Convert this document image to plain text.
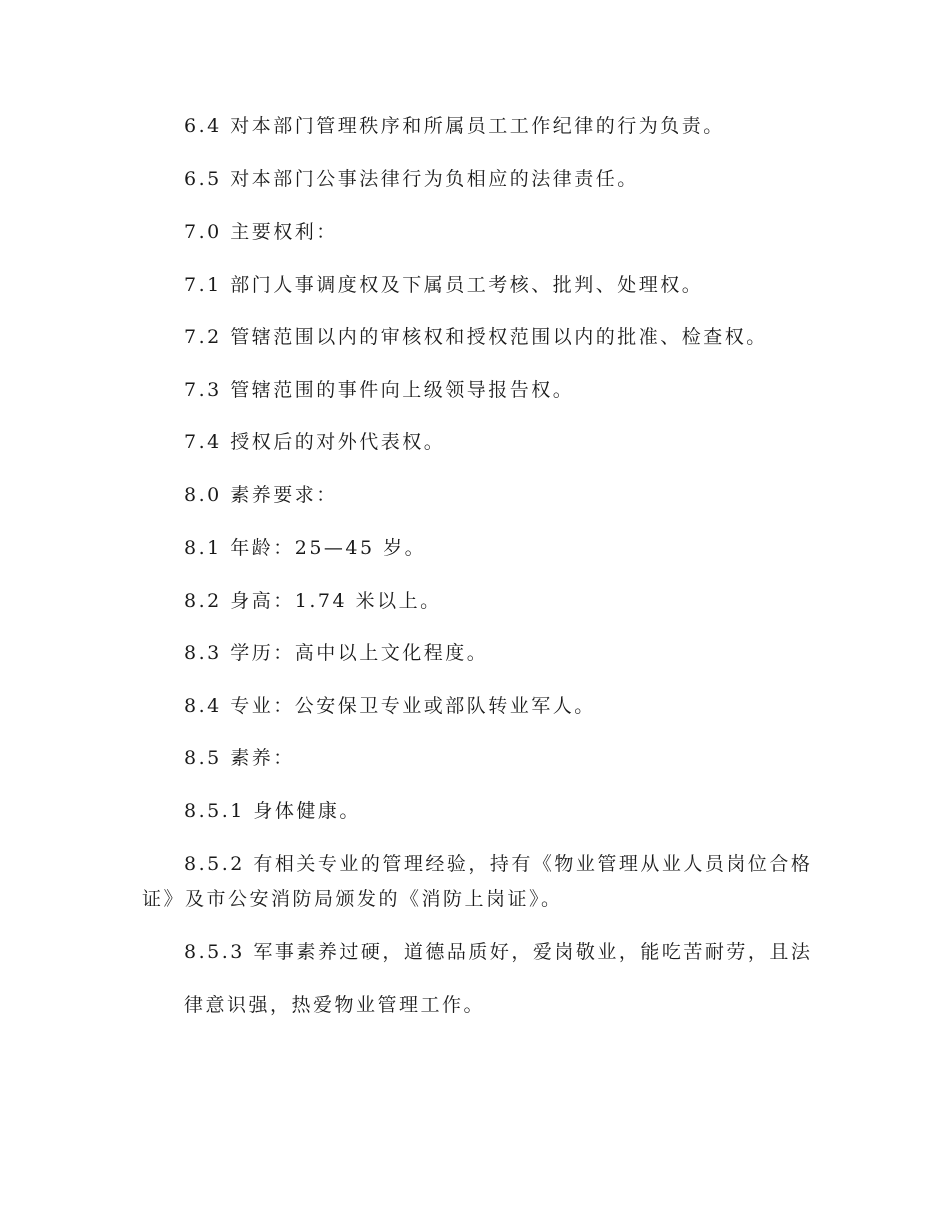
6.4 对本部门管理秩序和所属员工工作纪律的行为负责。

6.5 对本部门公事法律行为负相应的法律责任。

7.0 主要权利：

7.1 部门人事调度权及下属员工考核、批判、处理权。

7.2 管辖范围以内的审核权和授权范围以内的批准、检查权。

7.3 管辖范围的事件向上级领导报告权。

7.4 授权后的对外代表权。

8.0 素养要求：

8.1 年龄：25—45 岁。

8.2 身高：1.74 米以上。

8.3 学历：高中以上文化程度。

8.4 专业：公安保卫专业或部队转业军人。

8.5 素养：

8.5.1 身体健康。

8.5.2 有相关专业的管理经验，持有《物业管理从业人员岗位合格

证》及市公安消防局颁发的《消防上岗证》。

8.5.3 军事素养过硬，道德品质好，爱岗敬业，能吃苦耐劳，且法

律意识强，热爱物业管理工作。
